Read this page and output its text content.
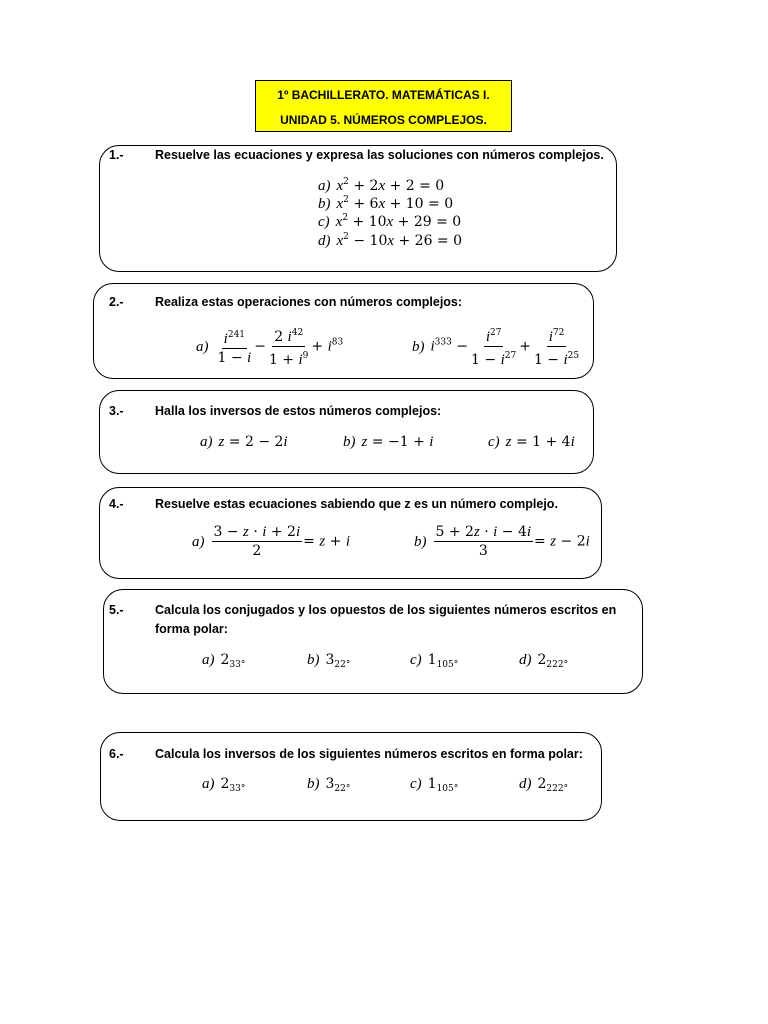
1º BACHILLERATO. MATEMÁTICAS I.
UNIDAD 5. NÚMEROS COMPLEJOS.
1.-	Resuelve las ecuaciones y expresa las soluciones con números complejos.
a) $x^2 + 2x + 2 = 0$
b) $x^2 + 6x + 10 = 0$
c) $x^2 + 10x + 29 = 0$
d) $x^2 - 10x + 26 = 0$
2.-	Realiza estas operaciones con números complejos:
$a) \frac{i^{241}}{1 - i} - \frac{2 i^{42}}{1 + i^9} + i^{83}$	b) $i^{333} - \frac{i^{27}}{1 - i^{27}} + \frac{i^{72}}{1 - i^{25}}$
3.-	Halla los inversos de estos números complejos:
a) z = 2 − 2i	b) z = −1 + i	c) z = 1 + 4i
4.-	Resuelve estas ecuaciones sabiendo que z es un número complejo.
$a) \frac{3 - z \cdot i + 2i}{2} = z + i$	$b) \frac{5 + 2z \cdot i - 4i}{3} = z - 2i$
5.-	Calcula los conjugados y los opuestos de los siguientes números escritos en forma polar:
a) $2_{33^\circ}$	b) $3_{22^\circ}$	c) $1_{105^\circ}$	d) $2_{222^\circ}$
6.-	Calcula los inversos de los siguientes números escritos en forma polar:
a) $2_{33^\circ}$	b) $3_{22^\circ}$	c) $1_{105^\circ}$	d) $2_{222^\circ}$
